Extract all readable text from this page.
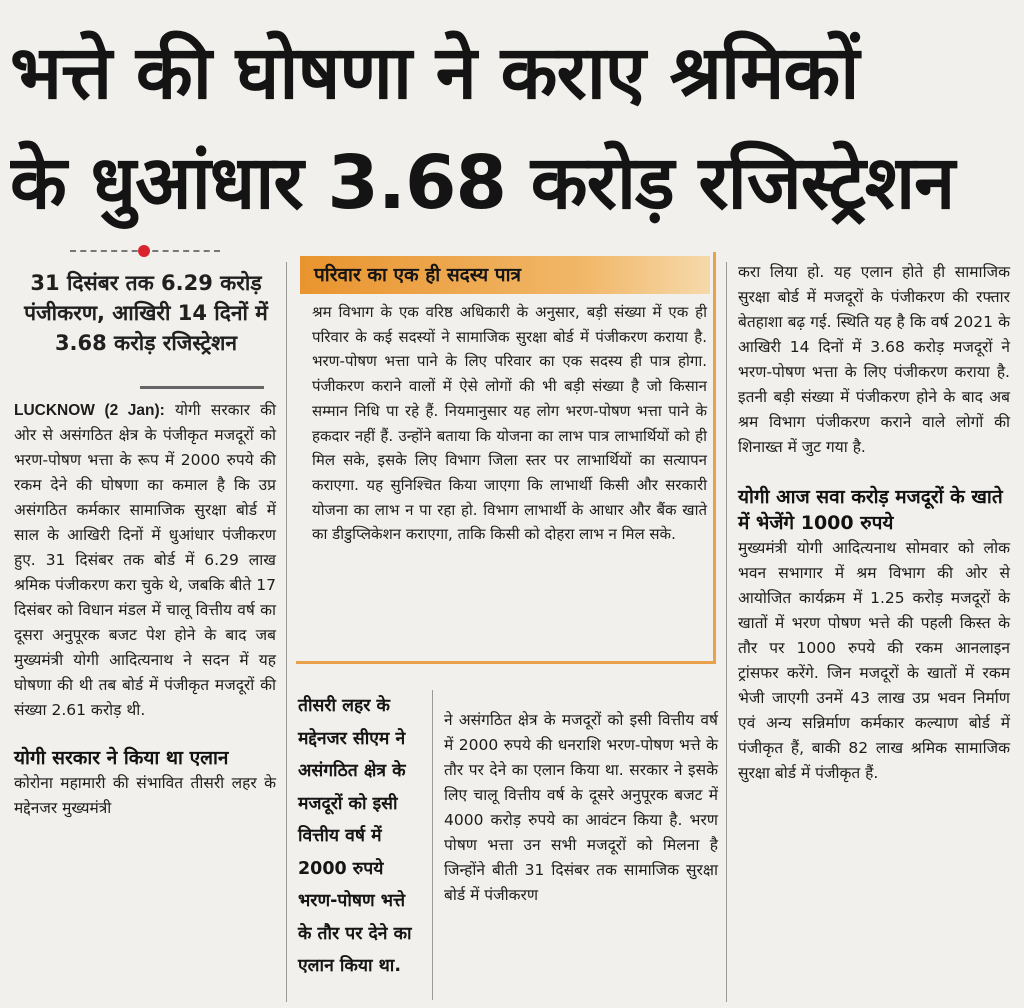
भत्ते की घोषणा ने कराए श्रमिकों
के धुआंधार 3.68 करोड़ रजिस्ट्रेशन
31 दिसंबर तक 6.29 करोड़ पंजीकरण, आखिरी 14 दिनों में 3.68 करोड़ रजिस्ट्रेशन

LUCKNOW (2 Jan): योगी सरकार की ओर से असंगठित क्षेत्र के पंजीकृत मजदूरों को भरण-पोषण भत्ता के रूप में 2000 रुपये की रकम देने की घोषणा का कमाल है कि उप्र असंगठित कर्मकार सामाजिक सुरक्षा बोर्ड में साल के आखिरी दिनों में धुआंधार पंजीकरण हुए. 31 दिसंबर तक बोर्ड में 6.29 लाख श्रमिक पंजीकरण करा चुके थे, जबकि बीते 17 दिसंबर को विधान मंडल में चालू वित्तीय वर्ष का दूसरा अनुपूरक बजट पेश होने के बाद जब मुख्यमंत्री योगी आदित्यनाथ ने सदन में यह घोषणा की थी तब बोर्ड में पंजीकृत मजदूरों की संख्या 2.61 करोड़ थी.

योगी सरकार ने किया था एलान

कोरोना महामारी की संभावित तीसरी लहर के मद्देनजर मुख्यमंत्री

परिवार का एक ही सदस्य पात्र
श्रम विभाग के एक वरिष्ठ अधिकारी के अनुसार, बड़ी संख्या में एक ही परिवार के कई सदस्यों ने सामाजिक सुरक्षा बोर्ड में पंजीकरण कराया है. भरण-पोषण भत्ता पाने के लिए परिवार का एक सदस्य ही पात्र होगा. पंजीकरण कराने वालों में ऐसे लोगों की भी बड़ी संख्या है जो किसान सम्मान निधि पा रहे हैं. नियमानुसार यह लोग भरण-पोषण भत्ता पाने के हकदार नहीं हैं. उन्होंने बताया कि योजना का लाभ पात्र लाभार्थियों को ही मिल सके, इसके लिए विभाग जिला स्तर पर लाभार्थियों का सत्यापन कराएगा. यह सुनिश्चित किया जाएगा कि लाभार्थी किसी और सरकारी योजना का लाभ न पा रहा हो. विभाग लाभार्थी के आधार और बैंक खाते का डीडुप्लिकेशन कराएगा, ताकि किसी को दोहरा लाभ न मिल सके.
तीसरी लहर के मद्देनजर सीएम ने असंगठित क्षेत्र के मजदूरों को इसी वित्तीय वर्ष में 2000 रुपये भरण-पोषण भत्ते के तौर पर देने का एलान किया था.
ने असंगठित क्षेत्र के मजदूरों को इसी वित्तीय वर्ष में 2000 रुपये की धनराशि भरण-पोषण भत्ते के तौर पर देने का एलान किया था. सरकार ने इसके लिए चालू वित्तीय वर्ष के दूसरे अनुपूरक बजट में 4000 करोड़ रुपये का आवंटन किया है. भरण पोषण भत्ता उन सभी मजदूरों को मिलना है जिन्होंने बीती 31 दिसंबर तक सामाजिक सुरक्षा बोर्ड में पंजीकरण

करा लिया हो. यह एलान होते ही सामाजिक सुरक्षा बोर्ड में मजदूरों के पंजीकरण की रफ्तार बेतहाशा बढ़ गई. स्थिति यह है कि वर्ष 2021 के आखिरी 14 दिनों में 3.68 करोड़ मजदूरों ने भरण-पोषण भत्ता के लिए पंजीकरण कराया है. इतनी बड़ी संख्या में पंजीकरण होने के बाद अब श्रम विभाग पंजीकरण कराने वाले लोगों की शिनाख्त में जुट गया है.

योगी आज सवा करोड़ मजदूरों के खाते में भेजेंगे 1000 रुपये

मुख्यमंत्री योगी आदित्यनाथ सोमवार को लोक भवन सभागार में श्रम विभाग की ओर से आयोजित कार्यक्रम में 1.25 करोड़ मजदूरों के खातों में भरण पोषण भत्ते की पहली किस्त के तौर पर 1000 रुपये की रकम आनलाइन ट्रांसफर करेंगे. जिन मजदूरों के खातों में रकम भेजी जाएगी उनमें 43 लाख उप्र भवन निर्माण एवं अन्य सन्निर्माण कर्मकार कल्याण बोर्ड में पंजीकृत हैं, बाकी 82 लाख श्रमिक सामाजिक सुरक्षा बोर्ड में पंजीकृत हैं.
